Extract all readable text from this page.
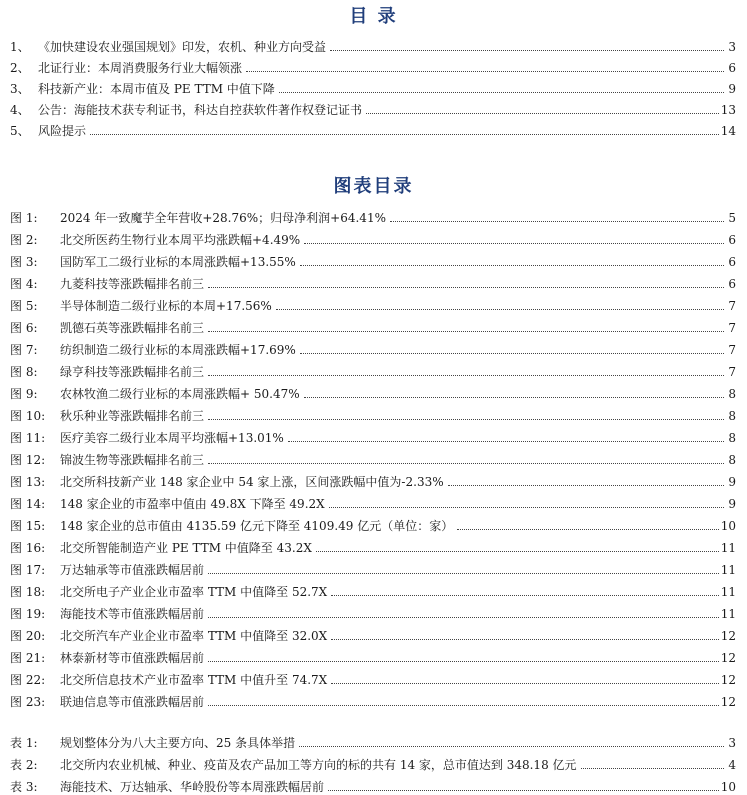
目 录
1、 《加快建设农业强国规划》印发，农机、种业方向受益	3
2、 北证行业：本周消费服务行业大幅领涨	6
3、 科技新产业：本周市值及 PE TTM 中值下降	9
4、 公告：海能技术获专利证书，科达自控获软件著作权登记证书	13
5、 风险提示	14
图表目录
图 1:	2024 年一致魔芋全年营收+28.76%；归母净利润+64.41%	5
图 2:	北交所医药生物行业本周平均涨跌幅+4.49%	6
图 3:	国防军工二级行业标的本周涨跌幅+13.55%	6
图 4:	九菱科技等涨跌幅排名前三	6
图 5:	半导体制造二级行业标的本周+17.56%	7
图 6:	凯德石英等涨跌幅排名前三	7
图 7:	纺织制造二级行业标的本周涨跌幅+17.69%	7
图 8:	绿亨科技等涨跌幅排名前三	7
图 9:	农林牧渔二级行业标的本周涨跌幅+ 50.47%	8
图 10:	秋乐种业等涨跌幅排名前三	8
图 11:	医疗美容二级行业本周平均涨幅+13.01%	8
图 12:	锦波生物等涨跌幅排名前三	8
图 13:	北交所科技新产业 148 家企业中 54 家上涨，区间涨跌幅中值为-2.33%	9
图 14:	148 家企业的市盈率中值由 49.8X 下降至 49.2X	9
图 15:	148 家企业的总市值由 4135.59 亿元下降至 4109.49 亿元（单位：家）	10
图 16:	北交所智能制造产业 PE TTM 中值降至 43.2X	11
图 17:	万达轴承等市值涨跌幅居前	11
图 18:	北交所电子产业企业市盈率 TTM 中值降至 52.7X	11
图 19:	海能技术等市值涨跌幅居前	11
图 20:	北交所汽车产业企业市盈率 TTM 中值降至 32.0X	12
图 21:	林泰新材等市值涨跌幅居前	12
图 22:	北交所信息技术产业市盈率 TTM 中值升至 74.7X	12
图 23:	联迪信息等市值涨跌幅居前	12
表 1:	规划整体分为八大主要方向、25 条具体举措	3
表 2:	北交所内农业机械、种业、疫苗及农产品加工等方向的标的共有 14 家，总市值达到 348.18 亿元	4
表 3:	海能技术、万达轴承、华岭股份等本周涨跌幅居前	10
